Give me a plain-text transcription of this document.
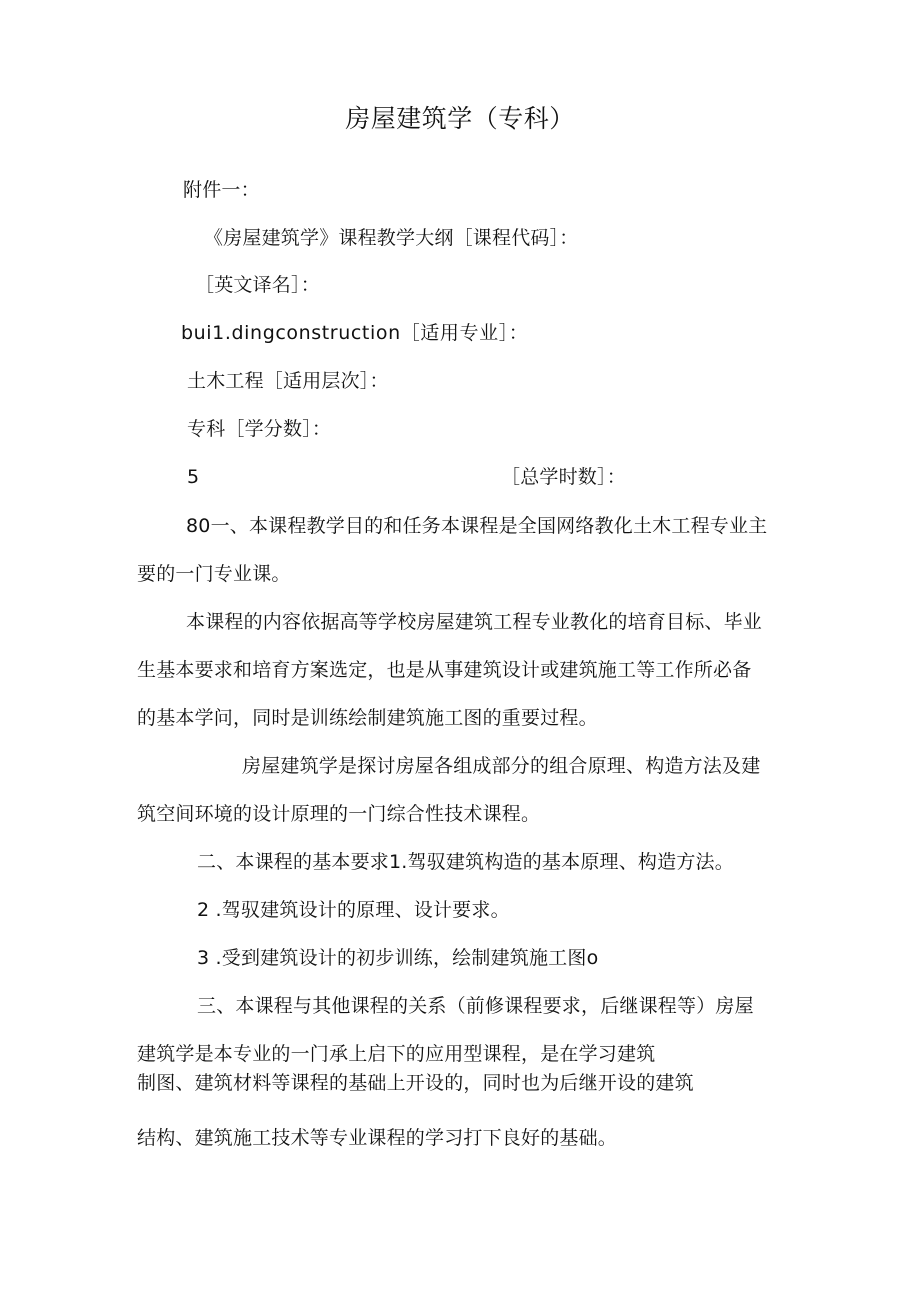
房屋建筑学（专科）
附件一：
《房屋建筑学》课程教学大纲［课程代码］：
［英文译名］：
bui1.dingconstruction［适用专业］：
土木工程［适用层次］：
专科［学分数］：
5	［总学时数］：
80一、本课程教学目的和任务本课程是全国网络教化土木工程专业主
要的一门专业课。
本课程的内容依据高等学校房屋建筑工程专业教化的培育目标、毕业
生基本要求和培育方案选定，也是从事建筑设计或建筑施工等工作所必备
的基本学问，同时是训练绘制建筑施工图的重要过程。
房屋建筑学是探讨房屋各组成部分的组合原理、构造方法及建
筑空间环境的设计原理的一门综合性技术课程。
二、本课程的基本要求1.驾驭建筑构造的基本原理、构造方法。
2 .驾驭建筑设计的原理、设计要求。
3 .受到建筑设计的初步训练，绘制建筑施工图o
三、本课程与其他课程的关系（前修课程要求，后继课程等）房屋
建筑学是本专业的一门承上启下的应用型课程，是在学习建筑
制图、建筑材料等课程的基础上开设的，同时也为后继开设的建筑
结构、建筑施工技术等专业课程的学习打下良好的基础。
